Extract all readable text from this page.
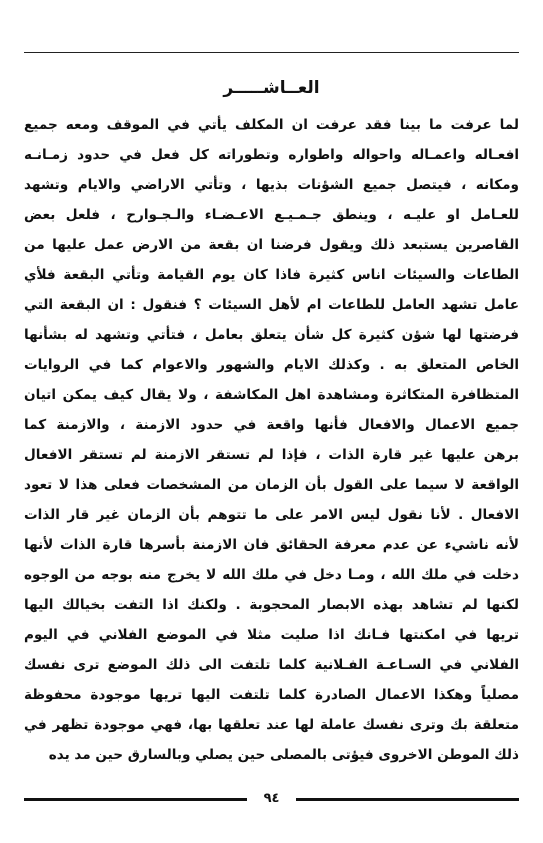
العــاشـــــر
لما عرفت ما بينا فقد عرفت ان المكلف يأتي في الموقف ومعه جميع
افعـاله واعمـاله واحواله واطواره وتطوراته كل فعل في حدود زمـانـه
ومكانه ، فيتصل جميع الشؤنات بذيها ، وتأتي الاراضي والايام وتشهد
للعـامل او عليـه ، وينطق جـمـيـع الاعـضـاء والـجـوارح ، فلعل بعض
القاصرين يستبعد ذلك ويقول فرضنا ان بقعة من الارض عمل عليها من
الطاعات والسيئات اناس كثيرة فاذا كان يوم القيامة وتأتي البقعة فلأي
عامل تشهد العامل للطاعات ام لأهل السيئات ؟ فنقول : ان البقعة التي
فرضتها لها شؤن كثيرة كل شأن يتعلق بعامل ، فتأتي وتشهد له بشأنها
الخاص المتعلق به . وكذلك الايام والشهور والاعوام كما في الروايات
المتظافرة المتكاثرة ومشاهدة اهل المكاشفة ، ولا يقال كيف يمكن اتيان
جميع الاعمال والافعال فأنها واقعة في حدود الازمنة ، والازمنة كما
برهن عليها غير قارة الذات ، فإذا لم تستقر الازمنة لم تستقر الافعال
الواقعة لا سيما على القول بأن الزمان من المشخصات فعلى هذا لا تعود
الافعال . لأنا نقول ليس الامر على ما تتوهم بأن الزمان غير قار الذات
لأنه ناشيء عن عدم معرفة الحقائق فان الازمنة بأسرها قارة الذات لأنها
دخلت في ملك الله ، ومـا دخل في ملك الله لا يخرج منه بوجه من الوجوه
لكنها لم تشاهد بهذه الابصار المحجوبة . ولكنك اذا التفت بخيالك اليها
تريها في امكنتها فـانك اذا صليت مثلا في الموضع الفلاني في اليوم
الفلاني في السـاعـة الفـلانية كلما تلتفت الى ذلك الموضع ترى نفسك
مصلياً وهكذا الاعمال الصادرة كلما تلتفت اليها تريها موجودة محفوظة
متعلقة بك وترى نفسك عاملة لها عند تعلقها بها، فهي موجودة تظهر في
ذلك الموطن الاخروى فيؤتى بالمصلى حين يصلي وبالسارق حين مد يده
٩٤
